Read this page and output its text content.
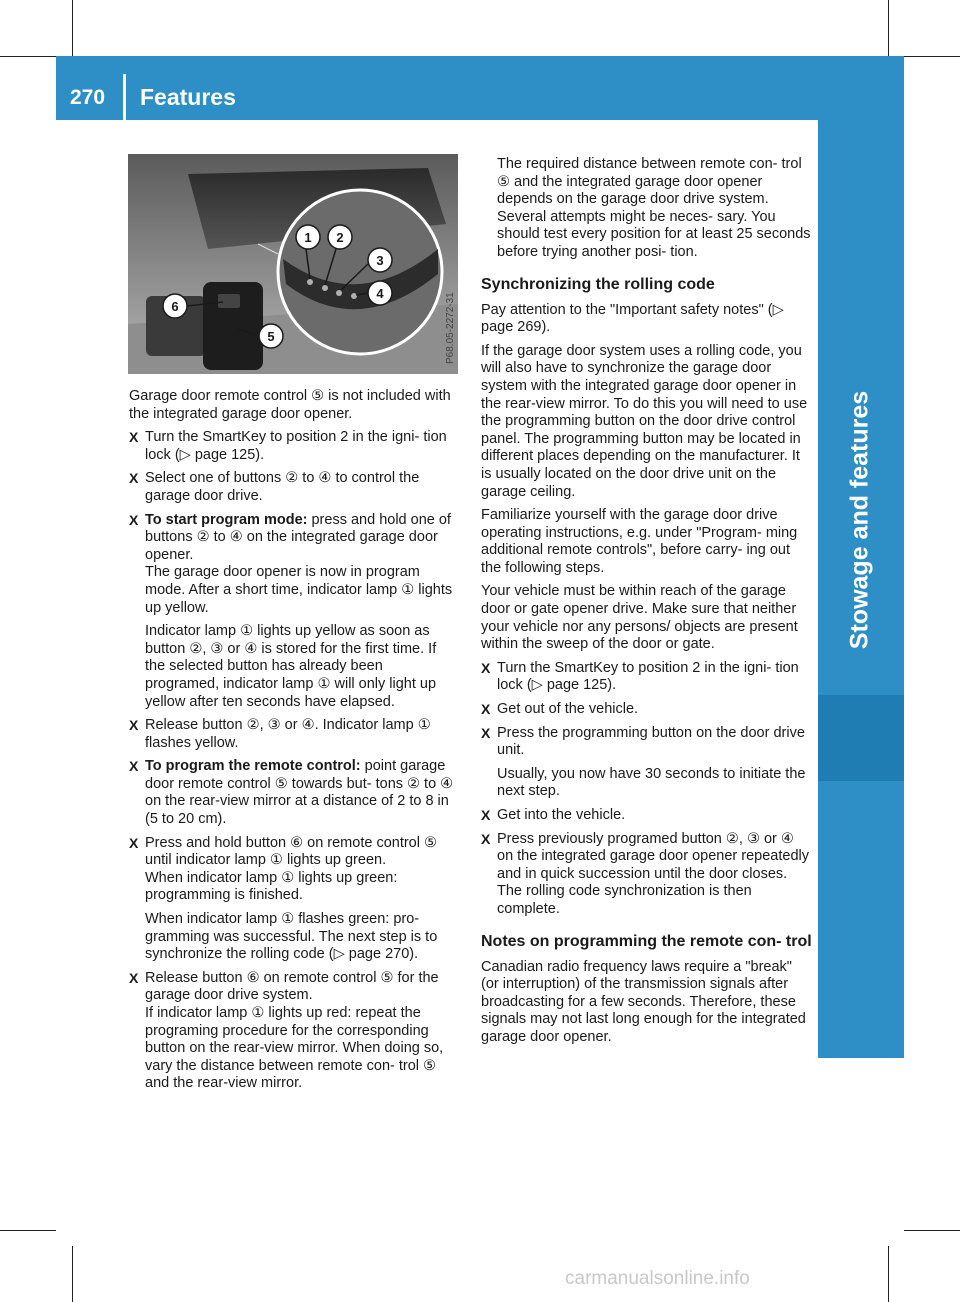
270 Features
Stowage and features
1 2
3
4
5
6	P68.05-2272-31

Garage door remote control ⑤ is not included with the integrated garage door opener.

X Turn the SmartKey to position 2 in the igni- tion lock (▷ page 125).
X Select one of buttons ② to ④ to control the garage door drive.
X To start program mode: press and hold one of buttons ② to ④ on the integrated garage door opener.
The garage door opener is now in program mode. After a short time, indicator lamp ① lights up yellow.

Indicator lamp ① lights up yellow as soon as button ②, ③ or ④ is stored for the first time. If the selected button has already been programed, indicator lamp ① will only light up yellow after ten seconds have elapsed.

X Release button ②, ③ or ④. Indicator lamp ① flashes yellow.
X To program the remote control: point garage door remote control ⑤ towards but- tons ② to ④ on the rear-view mirror at a distance of 2 to 8 in (5 to 20 cm).
X Press and hold button ⑥ on remote control ⑤ until indicator lamp ① lights up green.
When indicator lamp ① lights up green: programming is finished.

When indicator lamp ① flashes green: pro- gramming was successful. The next step is to synchronize the rolling code (▷ page 270).

X Release button ⑥ on remote control ⑤ for the garage door drive system.
If indicator lamp ① lights up red: repeat the programing procedure for the corresponding button on the rear-view mirror. When doing so, vary the distance between remote con- trol ⑤ and the rear-view mirror.

The required distance between remote con- trol ⑤ and the integrated garage door opener depends on the garage door drive system. Several attempts might be neces- sary. You should test every position for at least 25 seconds before trying another posi- tion.

Synchronizing the rolling code

Pay attention to the "Important safety notes" (▷ page 269).

If the garage door system uses a rolling code, you will also have to synchronize the garage door system with the integrated garage door opener in the rear-view mirror. To do this you will need to use the programming button on the door drive control panel. The programming button may be located in different places depending on the manufacturer. It is usually located on the door drive unit on the garage ceiling.

Familiarize yourself with the garage door drive operating instructions, e.g. under "Program- ming additional remote controls", before carry- ing out the following steps.

Your vehicle must be within reach of the garage door or gate opener drive. Make sure that neither your vehicle nor any persons/ objects are present within the sweep of the door or gate.

X Turn the SmartKey to position 2 in the igni- tion lock (▷ page 125).
X Get out of the vehicle.
X Press the programming button on the door drive unit.

Usually, you now have 30 seconds to initiate the next step.

X Get into the vehicle.
X Press previously programed button ②, ③ or ④ on the integrated garage door opener repeatedly and in quick succession until the door closes.
The rolling code synchronization is then complete.
Notes on programming the remote con- trol

Canadian radio frequency laws require a "break" (or interruption) of the transmission signals after broadcasting for a few seconds. Therefore, these signals may not last long enough for the integrated garage door opener.

carmanualsonline.info
